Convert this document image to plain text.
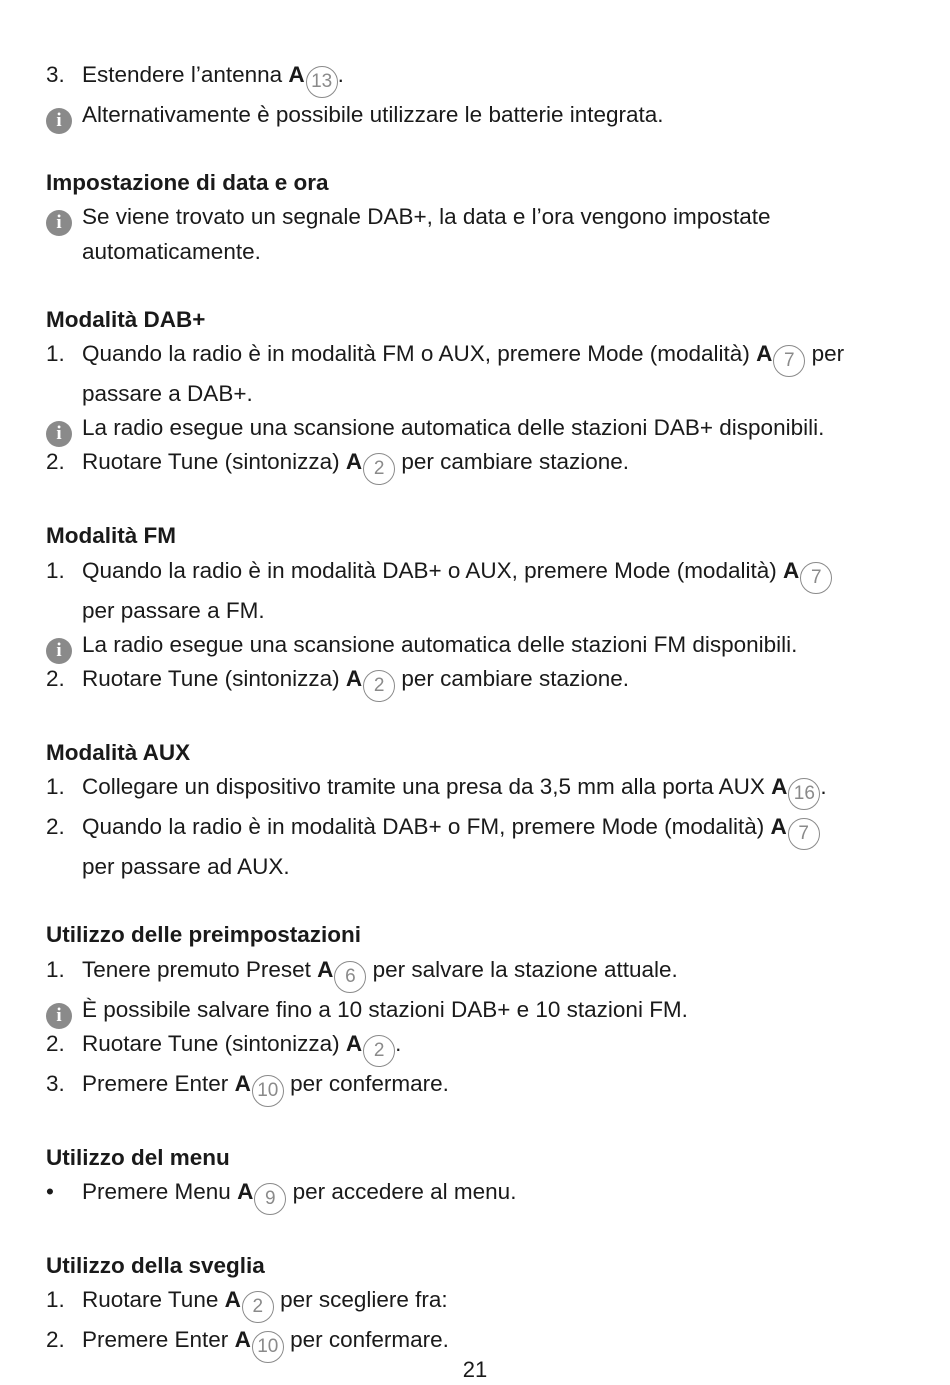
3. Estendere l’antenna A 13 .
i Alternativamente è possibile utilizzare le batterie integrata.
Impostazione di data e ora
i Se viene trovato un segnale DAB+, la data e l’ora vengono impostate
automaticamente.
Modalità DAB+
1. Quando la radio è in modalità FM o AUX, premere Mode (modalità) A 7 per
passare a DAB+.
i La radio esegue una scansione automatica delle stazioni DAB+ disponibili.
2. Ruotare Tune (sintonizza) A 2 per cambiare stazione.
Modalità FM
1. Quando la radio è in modalità DAB+ o AUX, premere Mode (modalità) A 7
per passare a FM.
i La radio esegue una scansione automatica delle stazioni FM disponibili.
2. Ruotare Tune (sintonizza) A 2 per cambiare stazione.
Modalità AUX
1. Collegare un dispositivo tramite una presa da 3,5 mm alla porta AUX A 16 .
2. Quando la radio è in modalità DAB+ o FM, premere Mode (modalità) A 7
per passare ad AUX.
Utilizzo delle preimpostazioni
1. Tenere premuto Preset A 6 per salvare la stazione attuale.
i È possibile salvare fino a 10 stazioni DAB+ e 10 stazioni FM.
2. Ruotare Tune (sintonizza) A 2 .
3. Premere Enter A 10 per confermare.
Utilizzo del menu
•	Premere Menu A 9 per accedere al menu.
Utilizzo della sveglia
1. Ruotare Tune A 2 per scegliere fra:
2. Premere Enter A 10 per confermare.
21
